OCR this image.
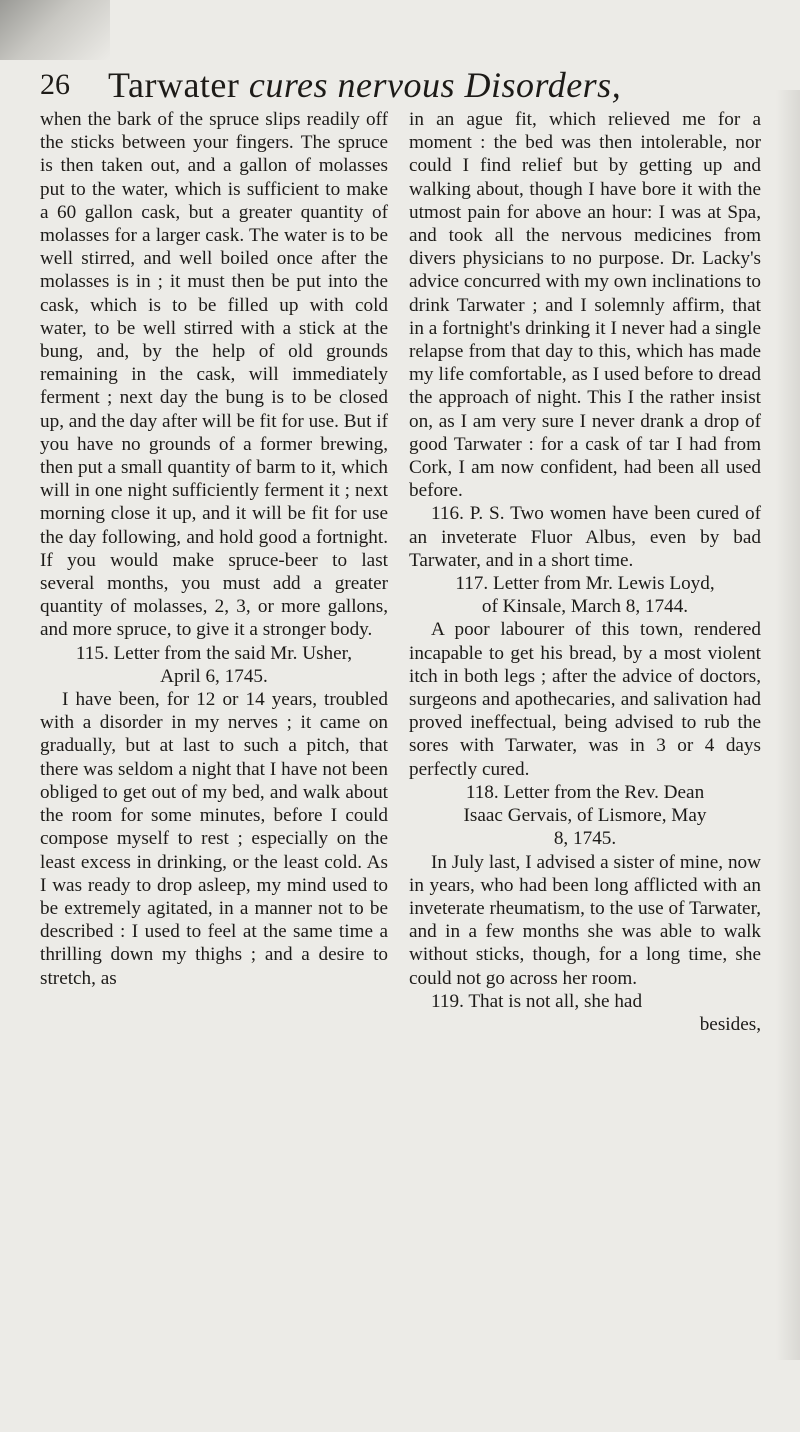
26 Tarwater cures nervous Disorders,

when the bark of the spruce slips readily off the sticks between your fingers. The spruce is then taken out, and a gallon of molasses put to the water, which is sufficient to make a 60 gallon cask, but a greater quantity of molasses for a larger cask. The water is to be well stirred, and well boiled once after the molasses is in ; it must then be put into the cask, which is to be filled up with cold water, to be well stirred with a stick at the bung, and, by the help of old grounds remaining in the cask, will immediately ferment ; next day the bung is to be closed up, and the day after will be fit for use. But if you have no grounds of a former brewing, then put a small quantity of barm to it, which will in one night sufficiently ferment it ; next morning close it up, and it will be fit for use the day following, and hold good a fortnight. If you would make spruce-beer to last several months, you must add a greater quantity of molasses, 2, 3, or more gallons, and more spruce, to give it a stronger body.

115. Letter from the said Mr. Usher,

April 6, 1745.

I have been, for 12 or 14 years, troubled with a disorder in my nerves ; it came on gradually, but at last to such a pitch, that there was seldom a night that I have not been obliged to get out of my bed, and walk about the room for some minutes, before I could compose myself to rest ; especially on the least excess in drinking, or the least cold. As I was ready to drop asleep, my mind used to be extremely agitated, in a manner not to be described : I used to feel at the same time a thrilling down my thighs ; and a desire to stretch, as

in an ague fit, which relieved me for a moment : the bed was then intolerable, nor could I find relief but by getting up and walking about, though I have bore it with the utmost pain for above an hour: I was at Spa, and took all the nervous medicines from divers physicians to no purpose. Dr. Lacky's advice concurred with my own inclinations to drink Tarwater ; and I solemnly affirm, that in a fortnight's drinking it I never had a single relapse from that day to this, which has made my life comfortable, as I used before to dread the approach of night. This I the rather insist on, as I am very sure I never drank a drop of good Tarwater : for a cask of tar I had from Cork, I am now confident, had been all used before.

116. P. S. Two women have been cured of an inveterate Fluor Albus, even by bad Tarwater, and in a short time.

117. Letter from Mr. Lewis Loyd,

of Kinsale, March 8, 1744.

A poor labourer of this town, rendered incapable to get his bread, by a most violent itch in both legs ; after the advice of doctors, surgeons and apothecaries, and salivation had proved ineffectual, being advised to rub the sores with Tarwater, was in 3 or 4 days perfectly cured.

118. Letter from the Rev. Dean

Isaac Gervais, of Lismore, May

8, 1745.

In July last, I advised a sister of mine, now in years, who had been long afflicted with an inveterate rheumatism, to the use of Tarwater, and in a few months she was able to walk without sticks, though, for a long time, she could not go across her room.

119. That is not all, she had

besides,
